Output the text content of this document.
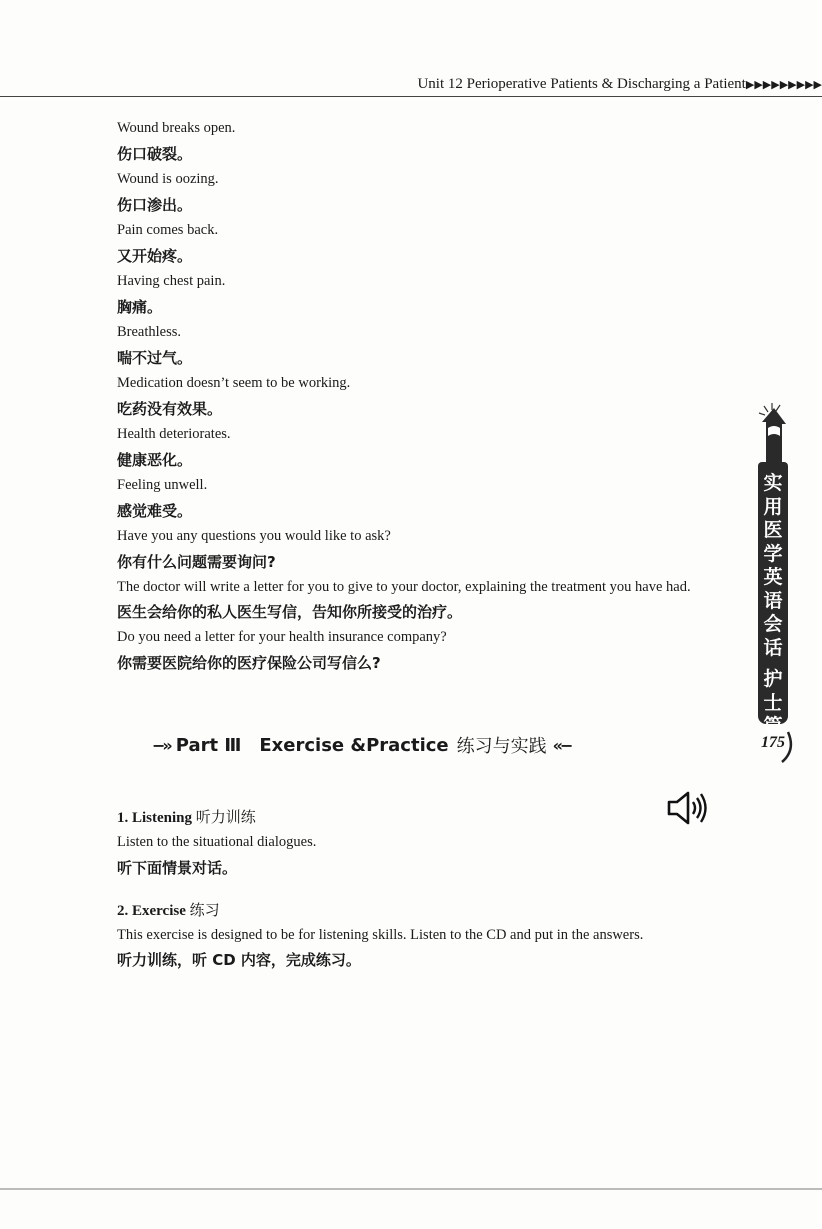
Unit 12 Perioperative Patients & Discharging a Patient▶▶▶▶▶▶▶▶▶
Wound breaks open.
伤口破裂。
Wound is oozing.
伤口渗出。
Pain comes back.
又开始疼。
Having chest pain.
胸痛。
Breathless.
喘不过气。
Medication doesn’t seem to be working.
吃药没有效果。
Health deteriorates.
健康恶化。
Feeling unwell.
感觉难受。
Have you any questions you would like to ask?
你有什么问题需要询问?
The doctor will write a letter for you to give to your doctor, explaining the treatment you have had.
医生会给你的私人医生写信，告知你所接受的治疗。
Do you need a letter for your health insurance company?
你需要医院给你的医疗保险公司写信么?
−» Part Ⅲ Exercise &Practice 练习与实践 «−
1. Listening 听力训练
Listen to the situational dialogues.
听下面情景对话。
2. Exercise 练习
This exercise is designed to be for listening skills. Listen to the CD and put in the answers.
听力训练，听 CD 内容，完成练习。
实
用
医
学
英
语
会
话
护
士
篇
175
